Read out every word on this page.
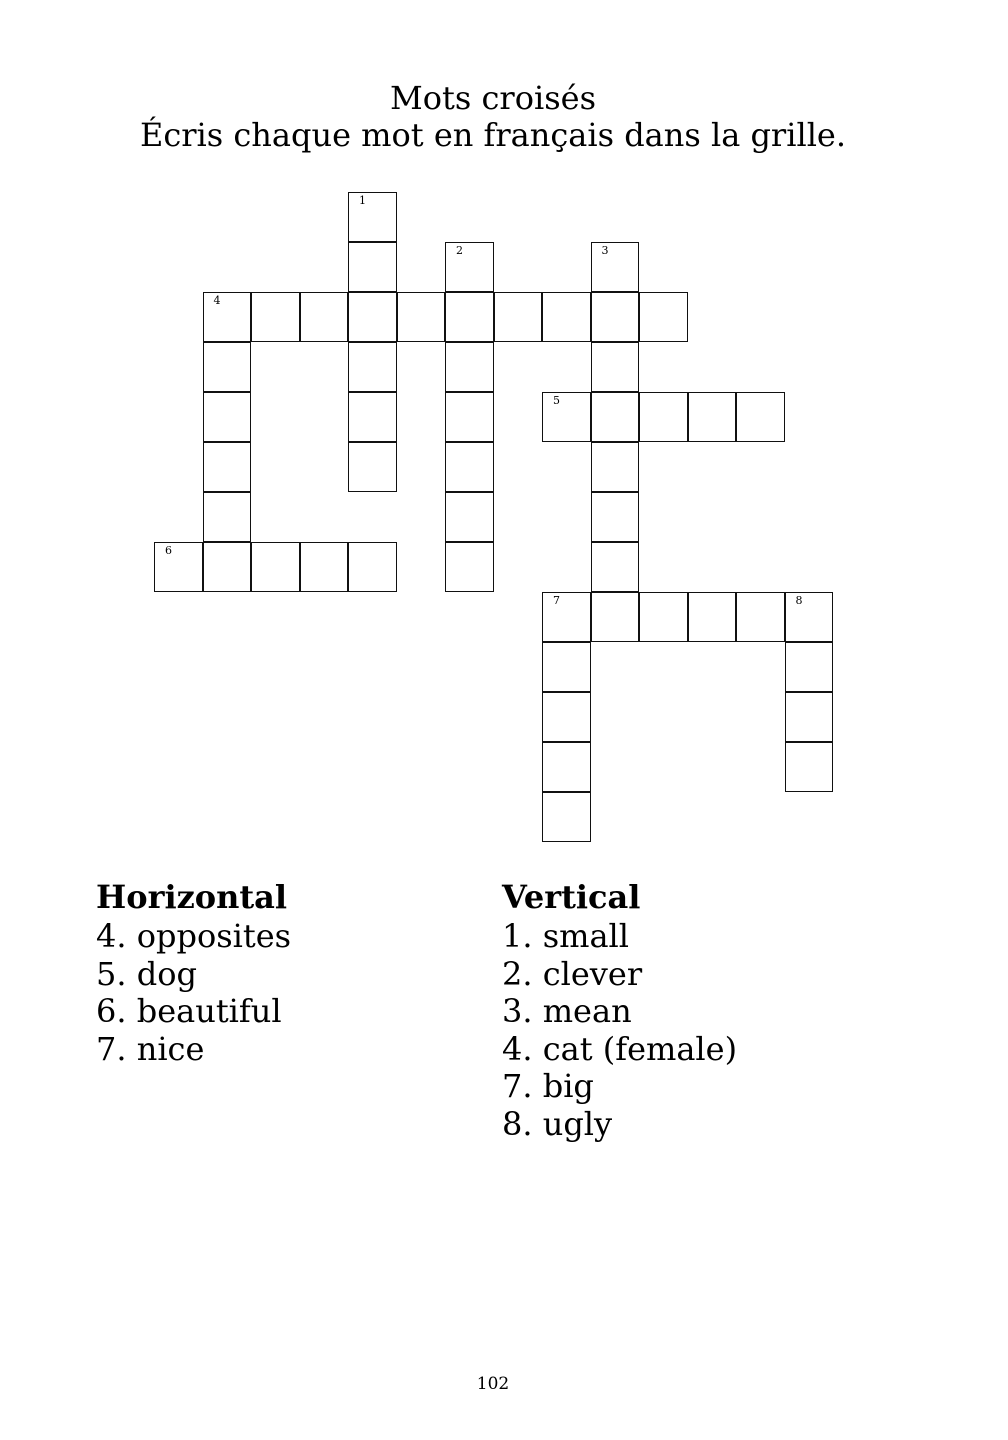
Mots croisés

Écris chaque mot en français dans la grille.

1
2	3
4
5
6
7	8
Horizontal
4. opposites
5. dog
6. beautiful
7. nice
Vertical
1. small
2. clever
3. mean
4. cat (female)
7. big
8. ugly
102
